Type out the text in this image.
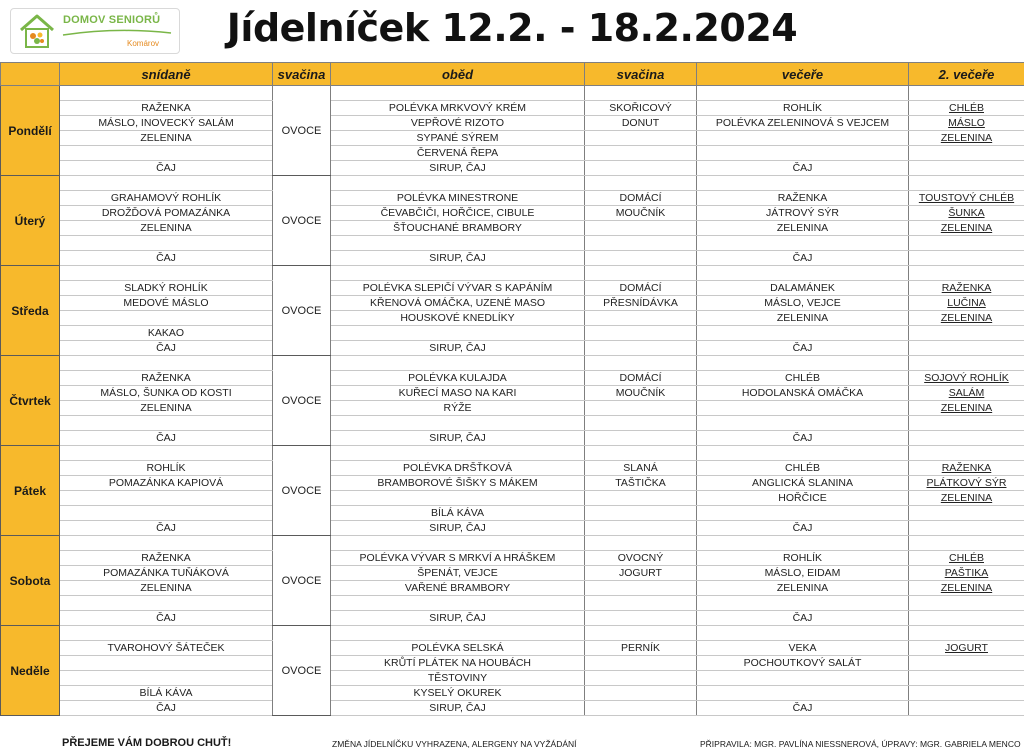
DOMOV SENIORŮ
Komárov	Jídelníček 12.2. - 18.2.2024
	snídaně	svačina	oběd	svačina	večeře	2. večeře
Pondělí		OVOCE				
	RAŽENKA		POLÉVKA MRKVOVÝ KRÉM	SKOŘICOVÝ	ROHLÍK	CHLÉB
	MÁSLO, INOVECKÝ SALÁM		VEPŘOVÉ RIZOTO	DONUT	POLÉVKA ZELENINOVÁ S VEJCEM	MÁSLO
	ZELENINA		SYPANÉ SÝREM			ZELENINA
			ČERVENÁ ŘEPA			
	ČAJ		SIRUP, ČAJ		ČAJ	
Úterý		OVOCE				
	GRAHAMOVÝ ROHLÍK		POLÉVKA MINESTRONE	DOMÁCÍ	RAŽENKA	TOUSTOVÝ CHLÉB
	DROŽĎOVÁ POMAZÁNKA		ČEVABČIČI, HOŘČICE, CIBULE	MOUČNÍK	JÁTROVÝ SÝR	ŠUNKA
	ZELENINA		ŠŤOUCHANÉ BRAMBORY		ZELENINA	ZELENINA

	ČAJ		SIRUP, ČAJ		ČAJ	
Středa		OVOCE				
	SLADKÝ ROHLÍK		POLÉVKA SLEPIČÍ VÝVAR S KAPÁNÍM	DOMÁCÍ	DALAMÁNEK	RAŽENKA
	MEDOVÉ MÁSLO		KŘENOVÁ OMÁČKA, UZENÉ MASO	PŘESNÍDÁVKA	MÁSLO, VEJCE	LUČINA
			HOUSKOVÉ KNEDLÍKY		ZELENINA	ZELENINA
	KAKAO					
	ČAJ		SIRUP, ČAJ		ČAJ	
Čtvrtek		OVOCE				
	RAŽENKA		POLÉVKA KULAJDA	DOMÁCÍ	CHLÉB	SOJOVÝ ROHLÍK
	MÁSLO, ŠUNKA OD KOSTI		KUŘECÍ MASO NA KARI	MOUČNÍK	HODOLANSKÁ OMÁČKA	SALÁM
	ZELENINA		RÝŽE			ZELENINA

	ČAJ		SIRUP, ČAJ		ČAJ	
Pátek		OVOCE				
	ROHLÍK		POLÉVKA DRŠŤKOVÁ	SLANÁ	CHLÉB	RAŽENKA
	POMAZÁNKA KAPIOVÁ		BRAMBOROVÉ ŠIŠKY S MÁKEM	TAŠTIČKA	ANGLICKÁ SLANINA	PLÁTKOVÝ SÝR
					HOŘČICE	ZELENINA
			BÍLÁ KÁVA			
	ČAJ		SIRUP, ČAJ		ČAJ	
Sobota		OVOCE				
	RAŽENKA		POLÉVKA VÝVAR S MRKVÍ A HRÁŠKEM	OVOCNÝ	ROHLÍK	CHLÉB
	POMAZÁNKA TUŇÁKOVÁ		ŠPENÁT, VEJCE	JOGURT	MÁSLO, EIDAM	PAŠTIKA
	ZELENINA		VAŘENÉ BRAMBORY		ZELENINA	ZELENINA

	ČAJ		SIRUP, ČAJ		ČAJ	
Neděle		OVOCE				
	TVAROHOVÝ ŠÁTEČEK		POLÉVKA SELSKÁ	PERNÍK	VEKA	JOGURT
			KRŮTÍ PLÁTEK NA HOUBÁCH		POCHOUTKOVÝ SALÁT	
			TĚSTOVINY			
	BÍLÁ KÁVA		KYSELÝ OKUREK			
	ČAJ		SIRUP, ČAJ		ČAJ	
PŘEJEME VÁM DOBROU CHUŤ!	ZMĚNA JÍDELNÍČKU VYHRAZENA, ALERGENY NA VYŽÁDÁNÍ	PŘIPRAVILA: MGR. PAVLÍNA NIESSNEROVÁ, ÚPRAVY: MGR. GABRIELA MENCO
